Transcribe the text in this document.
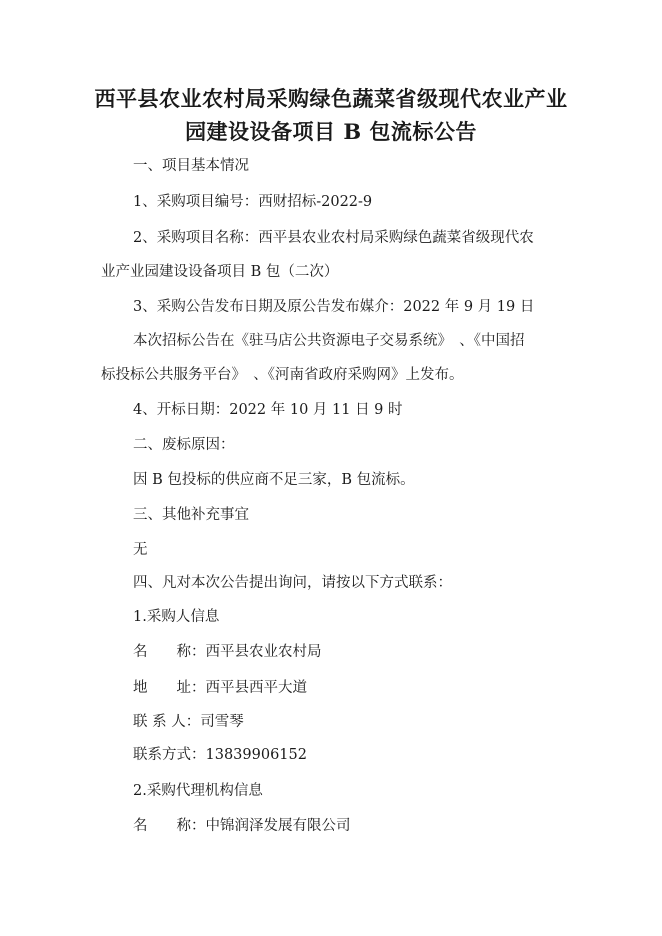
西平县农业农村局采购绿色蔬菜省级现代农业产业
园建设设备项目 B 包流标公告

一、项目基本情况

1、采购项目编号：西财招标-2022-9

2、采购项目名称：西平县农业农村局采购绿色蔬菜省级现代农

业产业园建设设备项目 B 包（二次）

3、采购公告发布日期及原公告发布媒介：2022 年 9 月 19 日

本次招标公告在《驻马店公共资源电子交易系统》　、《中国招

标投标公共服务平台》　、《河南省政府采购网》上发布。

4、开标日期：2022 年 10 月 11 日 9 时

二、废标原因：

因 B 包投标的供应商不足三家，B 包流标。

三、其他补充事宜

无

四、凡对本次公告提出询问，请按以下方式联系：

1.采购人信息

名　　称：西平县农业农村局

地　　址：西平县西平大道

联 系 人：司雪琴

联系方式：13839906152

2.采购代理机构信息

名　　称：中锦润泽发展有限公司
